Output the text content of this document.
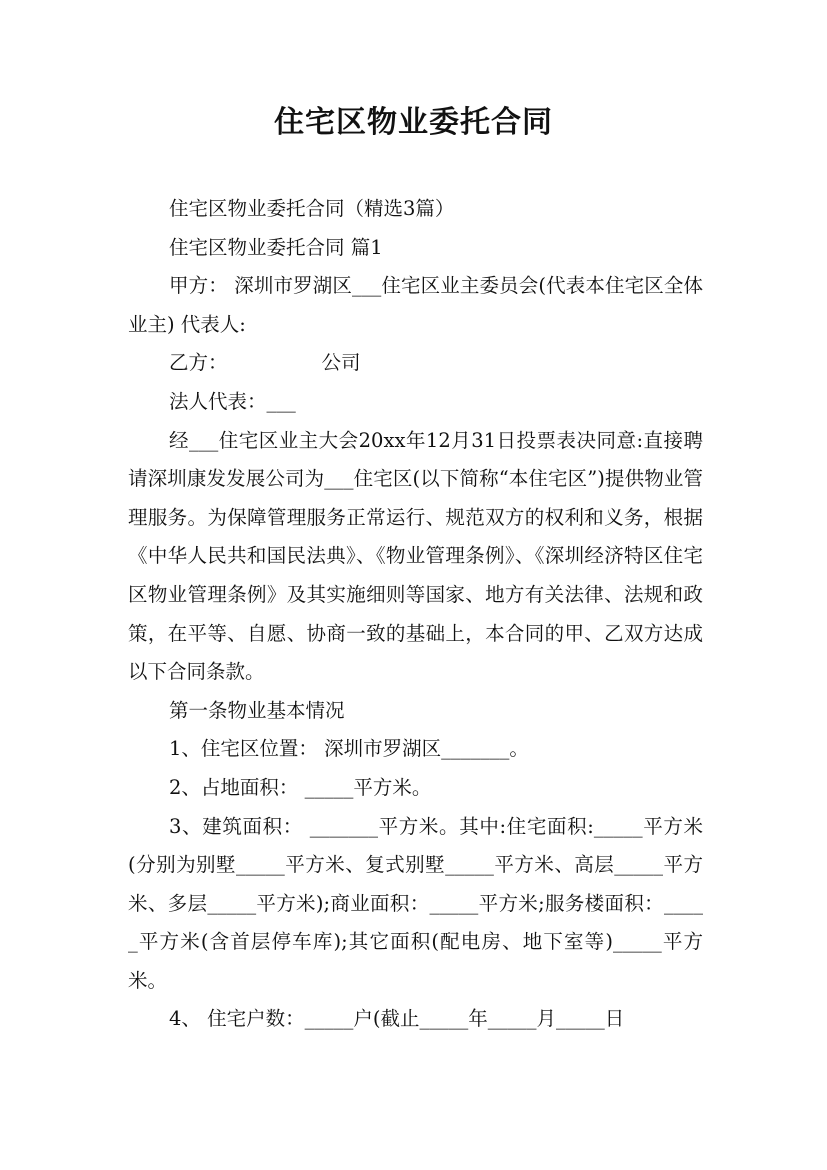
住宅区物业委托合同

住宅区物业委托合同（精选3篇）

住宅区物业委托合同 篇1

甲方： 深圳市罗湖区___住宅区业主委员会(代表本住宅区全体业主) 代表人:

乙方：　　　　　 公司

法人代表：___

经___住宅区业主大会20xx年12月31日投票表决同意:直接聘请深圳康发发展公司为___住宅区(以下简称“本住宅区”)提供物业管理服务。为保障管理服务正常运行、规范双方的权利和义务，根据《中华人民共和国民法典》、《物业管理条例》、《深圳经济特区住宅区物业管理条例》及其实施细则等国家、地方有关法律、法规和政策，在平等、自愿、协商一致的基础上，本合同的甲、乙双方达成以下合同条款。

第一条物业基本情况

1、住宅区位置： 深圳市罗湖区_______。

2、占地面积： _____平方米。

3、建筑面积： _______平方米。其中:住宅面积:_____平方米(分别为别墅_____平方米、复式别墅_____平方米、高层_____平方米、多层_____平方米);商业面积：_____平方米;服务楼面积：_____平方米(含首层停车库);其它面积(配电房、地下室等)_____平方米。

4、 住宅户数：_____户(截止_____年_____月_____日
